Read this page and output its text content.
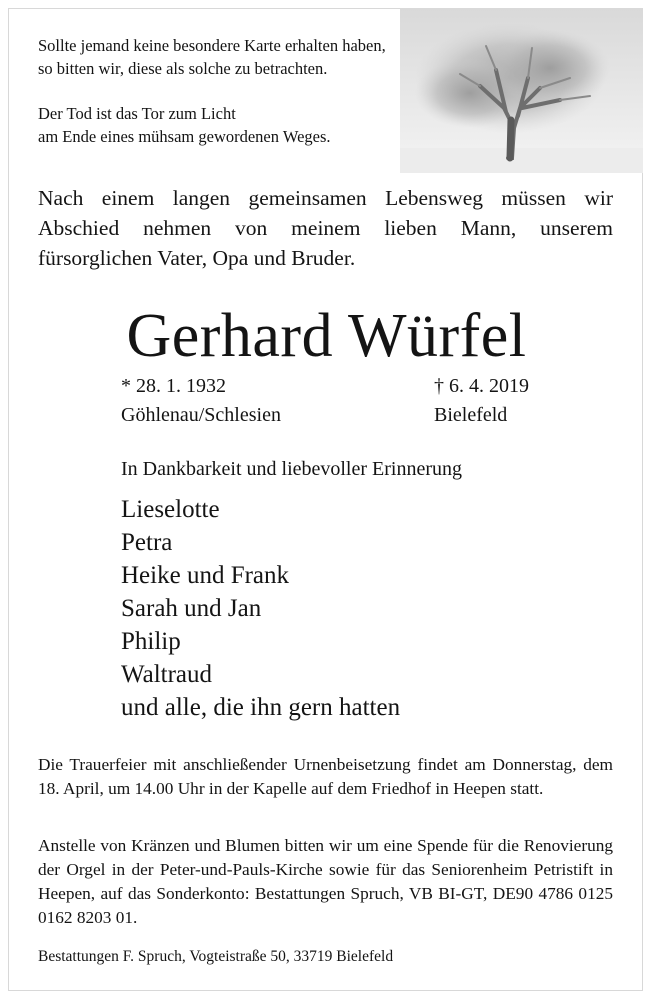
Sollte jemand keine besondere Karte erhalten haben,
so bitten wir, diese als solche zu betrachten.

Der Tod ist das Tor zum Licht
am Ende eines mühsam gewordenen Weges.

Nach einem langen gemeinsamen Lebensweg müssen wir Abschied nehmen von meinem lieben Mann, unserem fürsorglichen Vater, Opa und Bruder.
Gerhard Würfel
* 28. 1. 1932
Göhlenau/Schlesien
† 6. 4. 2019
Bielefeld
In Dankbarkeit und liebevoller Erinnerung
Lieselotte
Petra
Heike und Frank
Sarah und Jan
Philip
Waltraud
und alle, die ihn gern hatten
Die Trauerfeier mit anschließender Urnenbeisetzung findet am Donnerstag, dem 18. April, um 14.00 Uhr in der Kapelle auf dem Friedhof in Heepen statt.
Anstelle von Kränzen und Blumen bitten wir um eine Spende für die Renovierung der Orgel in der Peter-und-Pauls-Kirche sowie für das Seniorenheim Petristift in Heepen, auf das Sonderkonto: Bestattungen Spruch, VB BI-GT, DE90 4786 0125 0162 8203 01.
Bestattungen F. Spruch, Vogteistraße 50, 33719 Bielefeld
